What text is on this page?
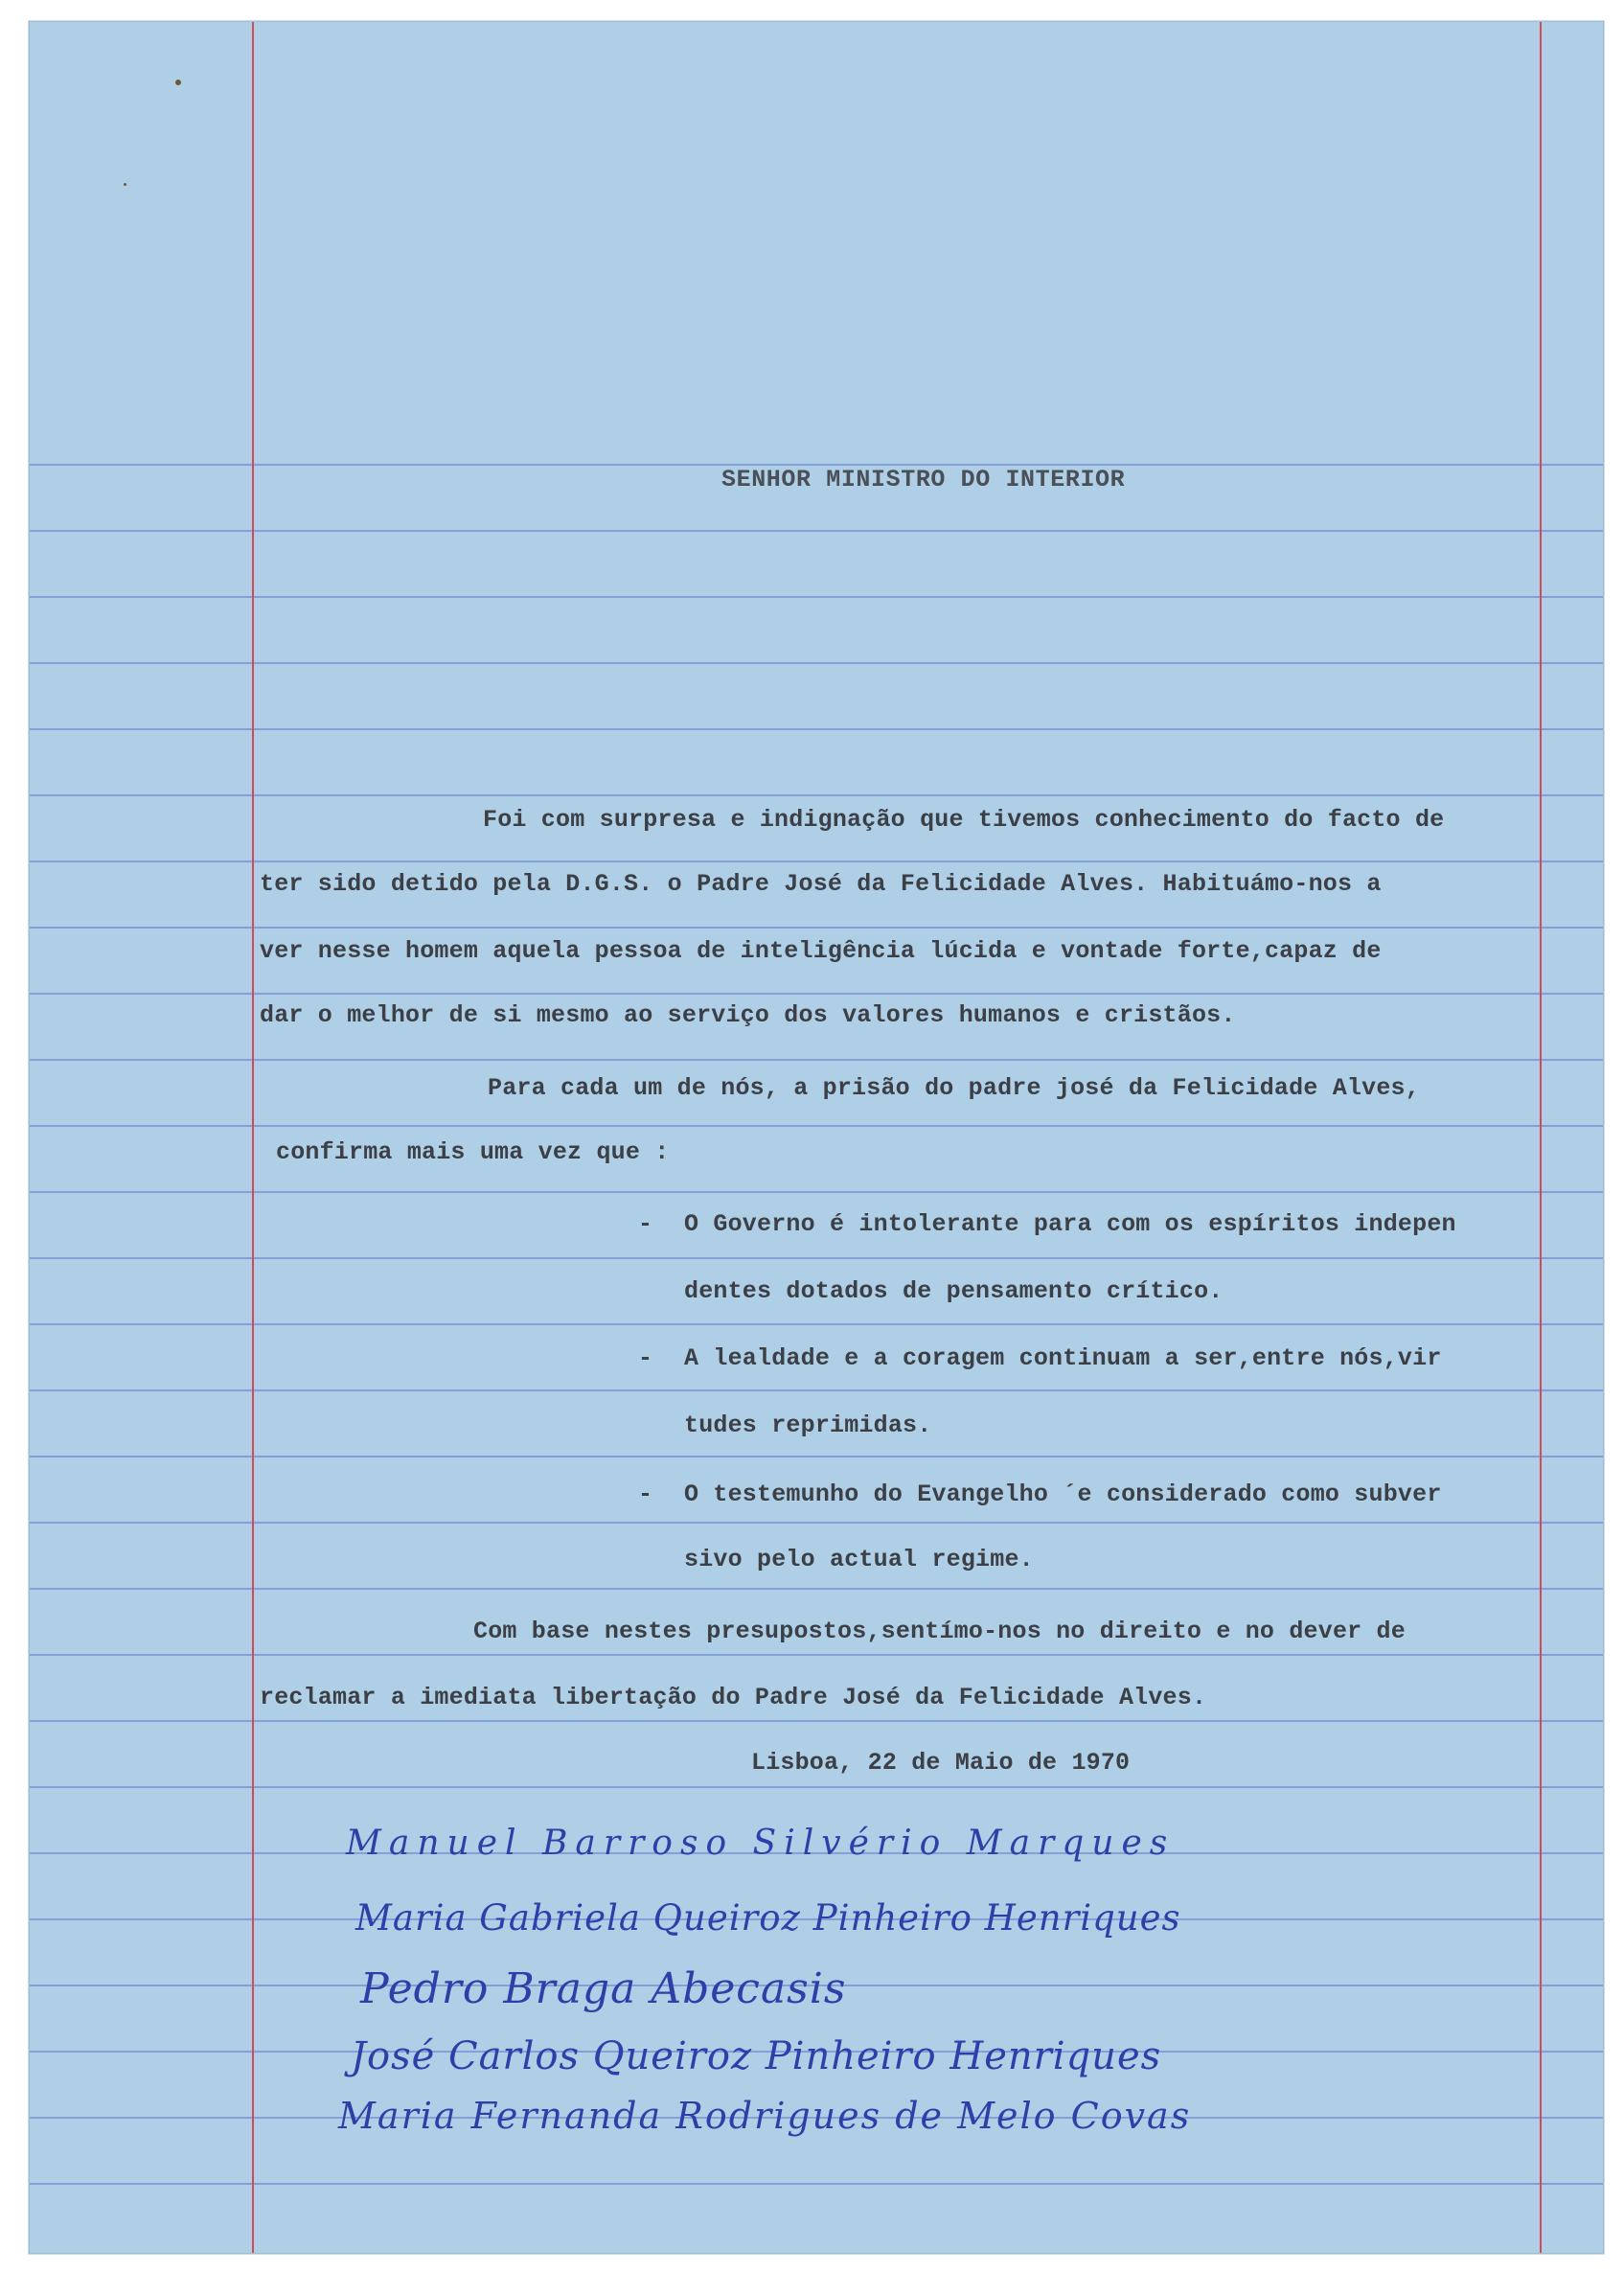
SENHOR MINISTRO DO INTERIOR

Foi com surpresa e indignação que tivemos conhecimento do facto de

ter sido detido pela D.G.S. o Padre José da Felicidade Alves. Habituámo-nos a

ver nesse homem aquela pessoa de inteligência lúcida e vontade forte,capaz de

dar o melhor de si mesmo ao serviço dos valores humanos e cristãos.

Para cada um de nós, a prisão do padre josé da Felicidade Alves,

confirma mais uma vez que :

- O Governo é intolerante para com os espíritos indepen

dentes dotados de pensamento crítico.

- A lealdade e a coragem continuam a ser,entre nós,vir

tudes reprimidas.

- O testemunho do Evangelho ´e considerado como subver

sivo pelo actual regime.

Com base nestes presupostos,sentímo-nos no direito e no dever de

reclamar a imediata libertação do Padre José da Felicidade Alves.

Lisboa, 22 de Maio de 1970

Manuel Barroso Silvério Marques

Maria Gabriela Queiroz Pinheiro Henriques

Pedro Braga Abecasis

José Carlos Queiroz Pinheiro Henriques

Maria Fernanda Rodrigues de Melo Covas
